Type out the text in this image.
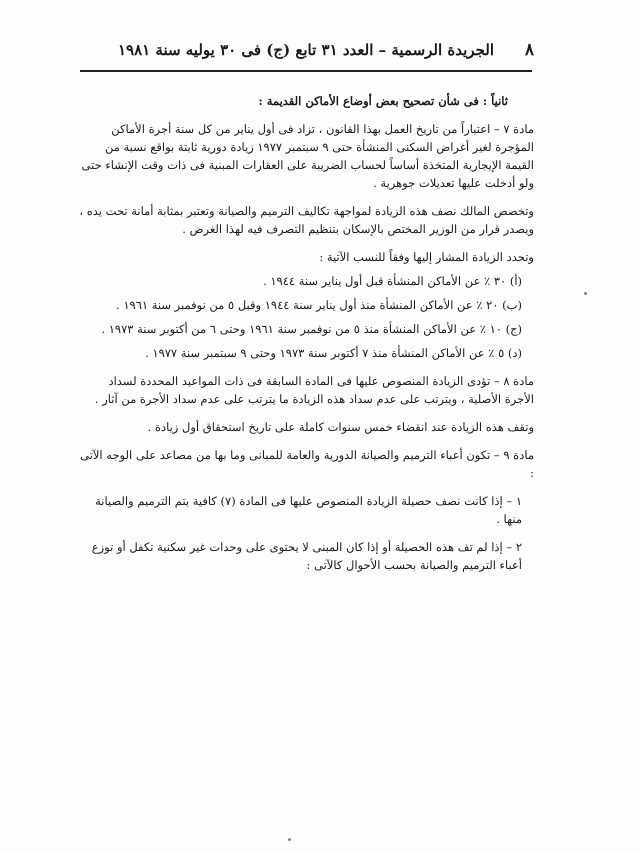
٨
الجريدة الرسمية – العدد ٣١ تابع (ج) فى ٣٠ يوليه سنة ١٩٨١

ثانياً : فى شأن تصحيح بعض أوضاع الأماكن القديمة :

مادة ٧ – اعتباراً من تاريخ العمل بهذا القانون ، تزاد فى أول يناير من كل سنة أجرة الأماكن المؤجرة لغير أغراض السكنى المنشأة حتى ٩ سبتمبر ١٩٧٧ زيادة دورية ثابتة بواقع نسبة من القيمة الإيجارية المتخذة أساساً لحساب الضريبة على العقارات المبنية فى ذات وقت الإنشاء حتى ولو أدخلت عليها تعديلات جوهرية .

وتخصص المالك نصف هذه الزيادة لمواجهة تكاليف الترميم والصيانة وتعتبر بمثابة أمانة تحت يده ، ويصدر قرار من الوزير المختص بالإسكان بتنظيم التصرف فيه لهذا الغرض .

وتحدد الزيادة المشار إليها وفقاً للنسب الآتية :

(أ) ٣٠ ٪ عن الأماكن المنشأة قبل أول يناير سنة ١٩٤٤ .

(ب) ٢٠ ٪ عن الأماكن المنشأة منذ أول يناير سنة ١٩٤٤ وقبل ٥ من نوفمبر سنة ١٩٦١ .

(ج) ١٠ ٪ عن الأماكن المنشأة منذ ٥ من نوفمبر سنة ١٩٦١ وحتى ٦ من أكتوبر سنة ١٩٧٣ .

(د) ٥ ٪ عن الأماكن المنشأة منذ ٧ أكتوبر سنة ١٩٧٣ وحتى ٩ سبتمبر سنة ١٩٧٧ .

مادة ٨ – تؤدى الزيادة المنصوص عليها فى المادة السابقة فى ذات المواعيد المحددة لسداد الأجرة الأصلية ، ويترتب على عدم سداد هذه الزيادة ما يترتب على عدم سداد الأجرة من آثار .

وتقف هذه الزيادة عند انقضاء خمس سنوات كاملة على تاريخ استحقاق أول زيادة .

مادة ٩ – تكون أعباء الترميم والصيانة الدورية والعامة للمبانى وما بها من مصاعد على الوجه الآتى :

١ – إذا كانت نصف حصيلة الزيادة المنصوص عليها فى المادة (٧) كافية يتم الترميم والصيانة منها .

٢ – إذا لم تف هذه الحصيلة أو إذا كان المبنى لا يحتوى على وحدات غير سكنية تكفل أو توزع أعباء الترميم والصيانة بحسب الأحوال كالآتى :
